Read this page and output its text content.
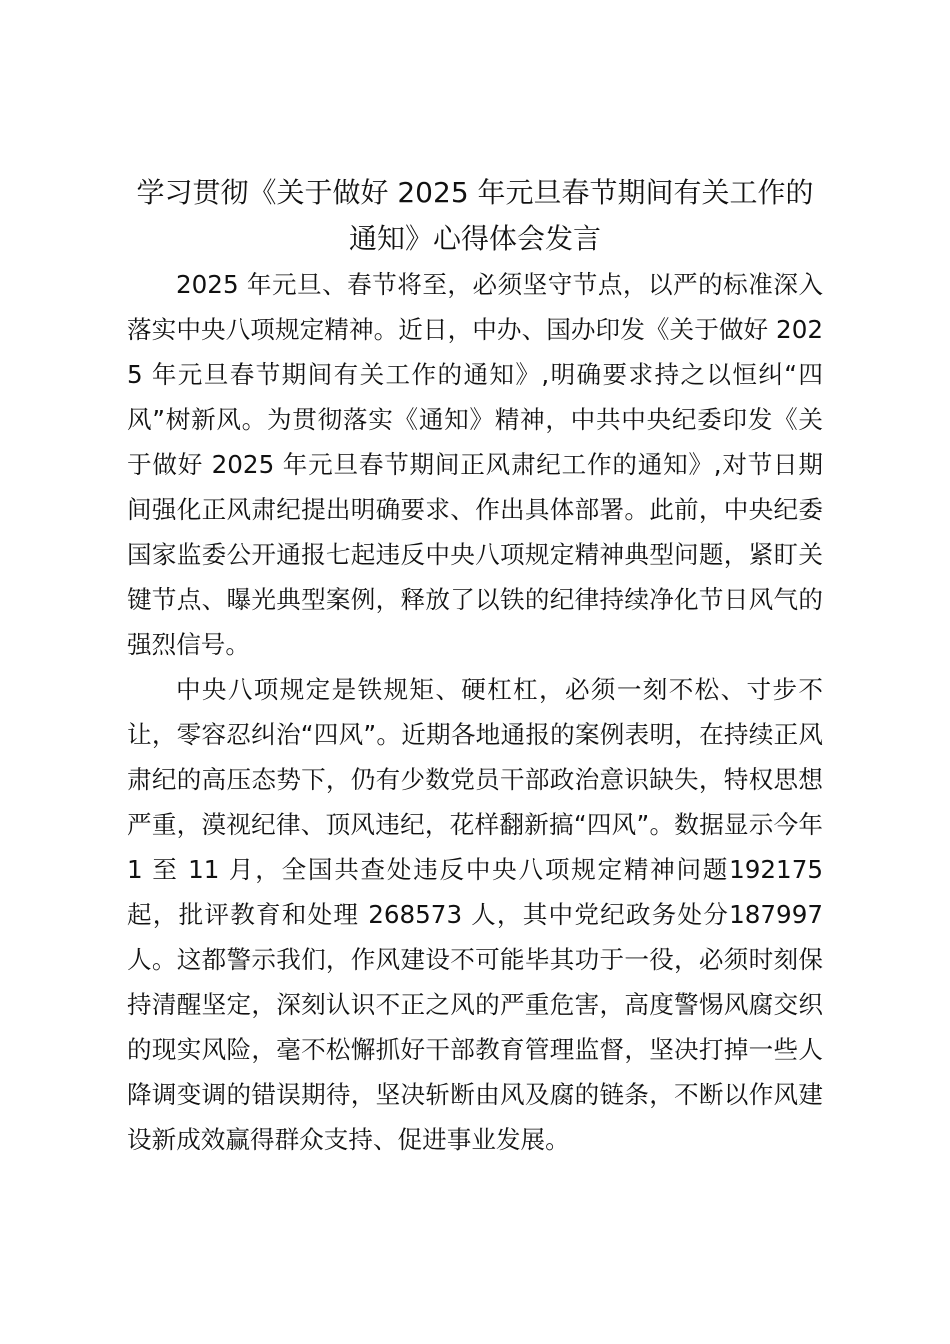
学习贯彻《关于做好 2025 年元旦春节期间有关工作的
通知》心得体会发言

2025 年元旦、春节将至，必须坚守节点，以严的标准深入落实中央八项规定精神。近日，中办、国办印发《关于做好 2025 年元旦春节期间有关工作的通知》,明确要求持之以恒纠“四风”树新风。为贯彻落实《通知》精神，中共中央纪委印发《关于做好 2025 年元旦春节期间正风肃纪工作的通知》,对节日期间强化正风肃纪提出明确要求、作出具体部署。此前，中央纪委国家监委公开通报七起违反中央八项规定精神典型问题，紧盯关键节点、曝光典型案例，释放了以铁的纪律持续净化节日风气的强烈信号。

中央八项规定是铁规矩、硬杠杠，必须一刻不松、寸步不让，零容忍纠治“四风”。近期各地通报的案例表明，在持续正风肃纪的高压态势下，仍有少数党员干部政治意识缺失，特权思想严重，漠视纪律、顶风违纪，花样翻新搞“四风”。数据显示今年 1 至 11 月，全国共查处违反中央八项规定精神问题192175 起，批评教育和处理 268573 人，其中党纪政务处分187997 人。这都警示我们，作风建设不可能毕其功于一役，必须时刻保持清醒坚定，深刻认识不正之风的严重危害，高度警惕风腐交织的现实风险，毫不松懈抓好干部教育管理监督，坚决打掉一些人降调变调的错误期待，坚决斩断由风及腐的链条，不断以作风建设新成效赢得群众支持、促进事业发展。
